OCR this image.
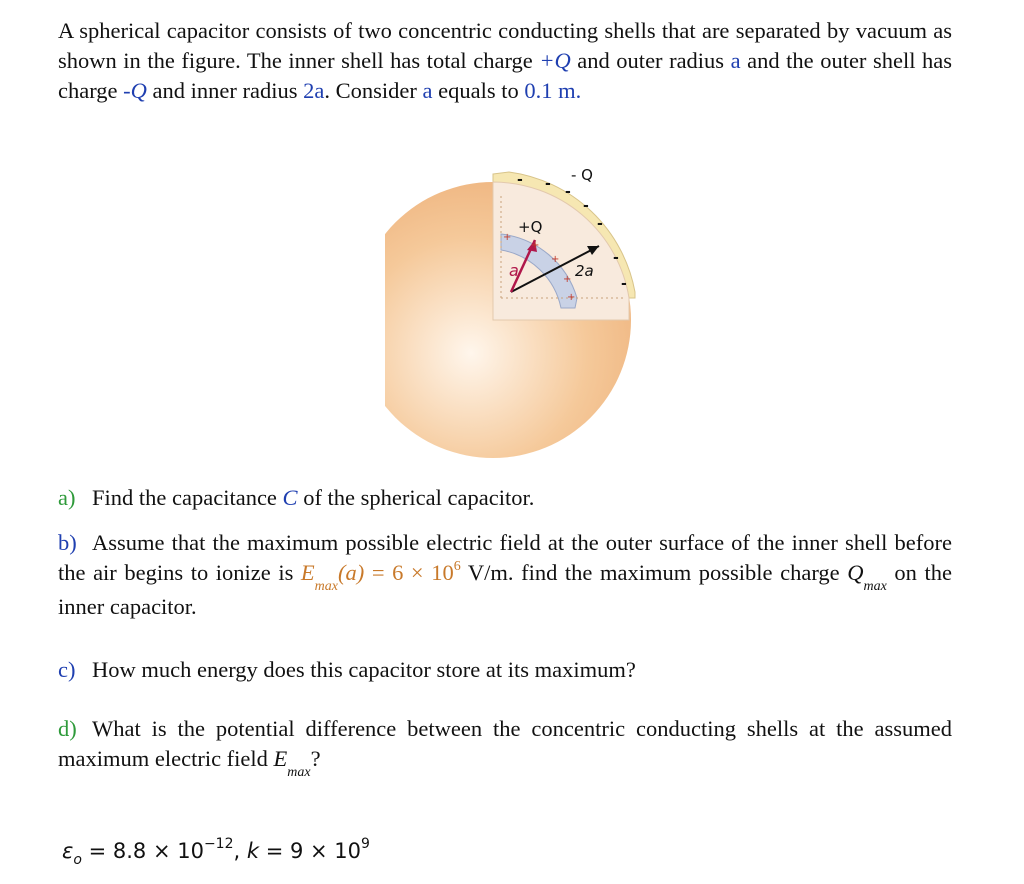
A spherical capacitor consists of two concentric conducting shells that are separated by vacuum as shown in the figure. The inner shell has total charge +Q and outer radius a and the outer shell has charge -Q and inner radius 2a. Consider a equals to 0.1 m.
- - -
-
-
-
-
+
+
+
+
+
- Q
+Q
a	2a
a) Find the capacitance C of the spherical capacitor.
b) Assume that the maximum possible electric field at the outer surface of the inner shell before the air begins to ionize is $E_{max}(a) = 6 \times 10^6$ V/m. find the maximum possible charge $Q_{max}$ on the inner capacitor.
c) How much energy does this capacitor store at its maximum?
d) What is the potential difference between the concentric conducting shells at the assumed maximum electric field $E_{max}$?
$\varepsilon_o = 8.8 \times 10^{-12}$, $k = 9 \times 10^9$
